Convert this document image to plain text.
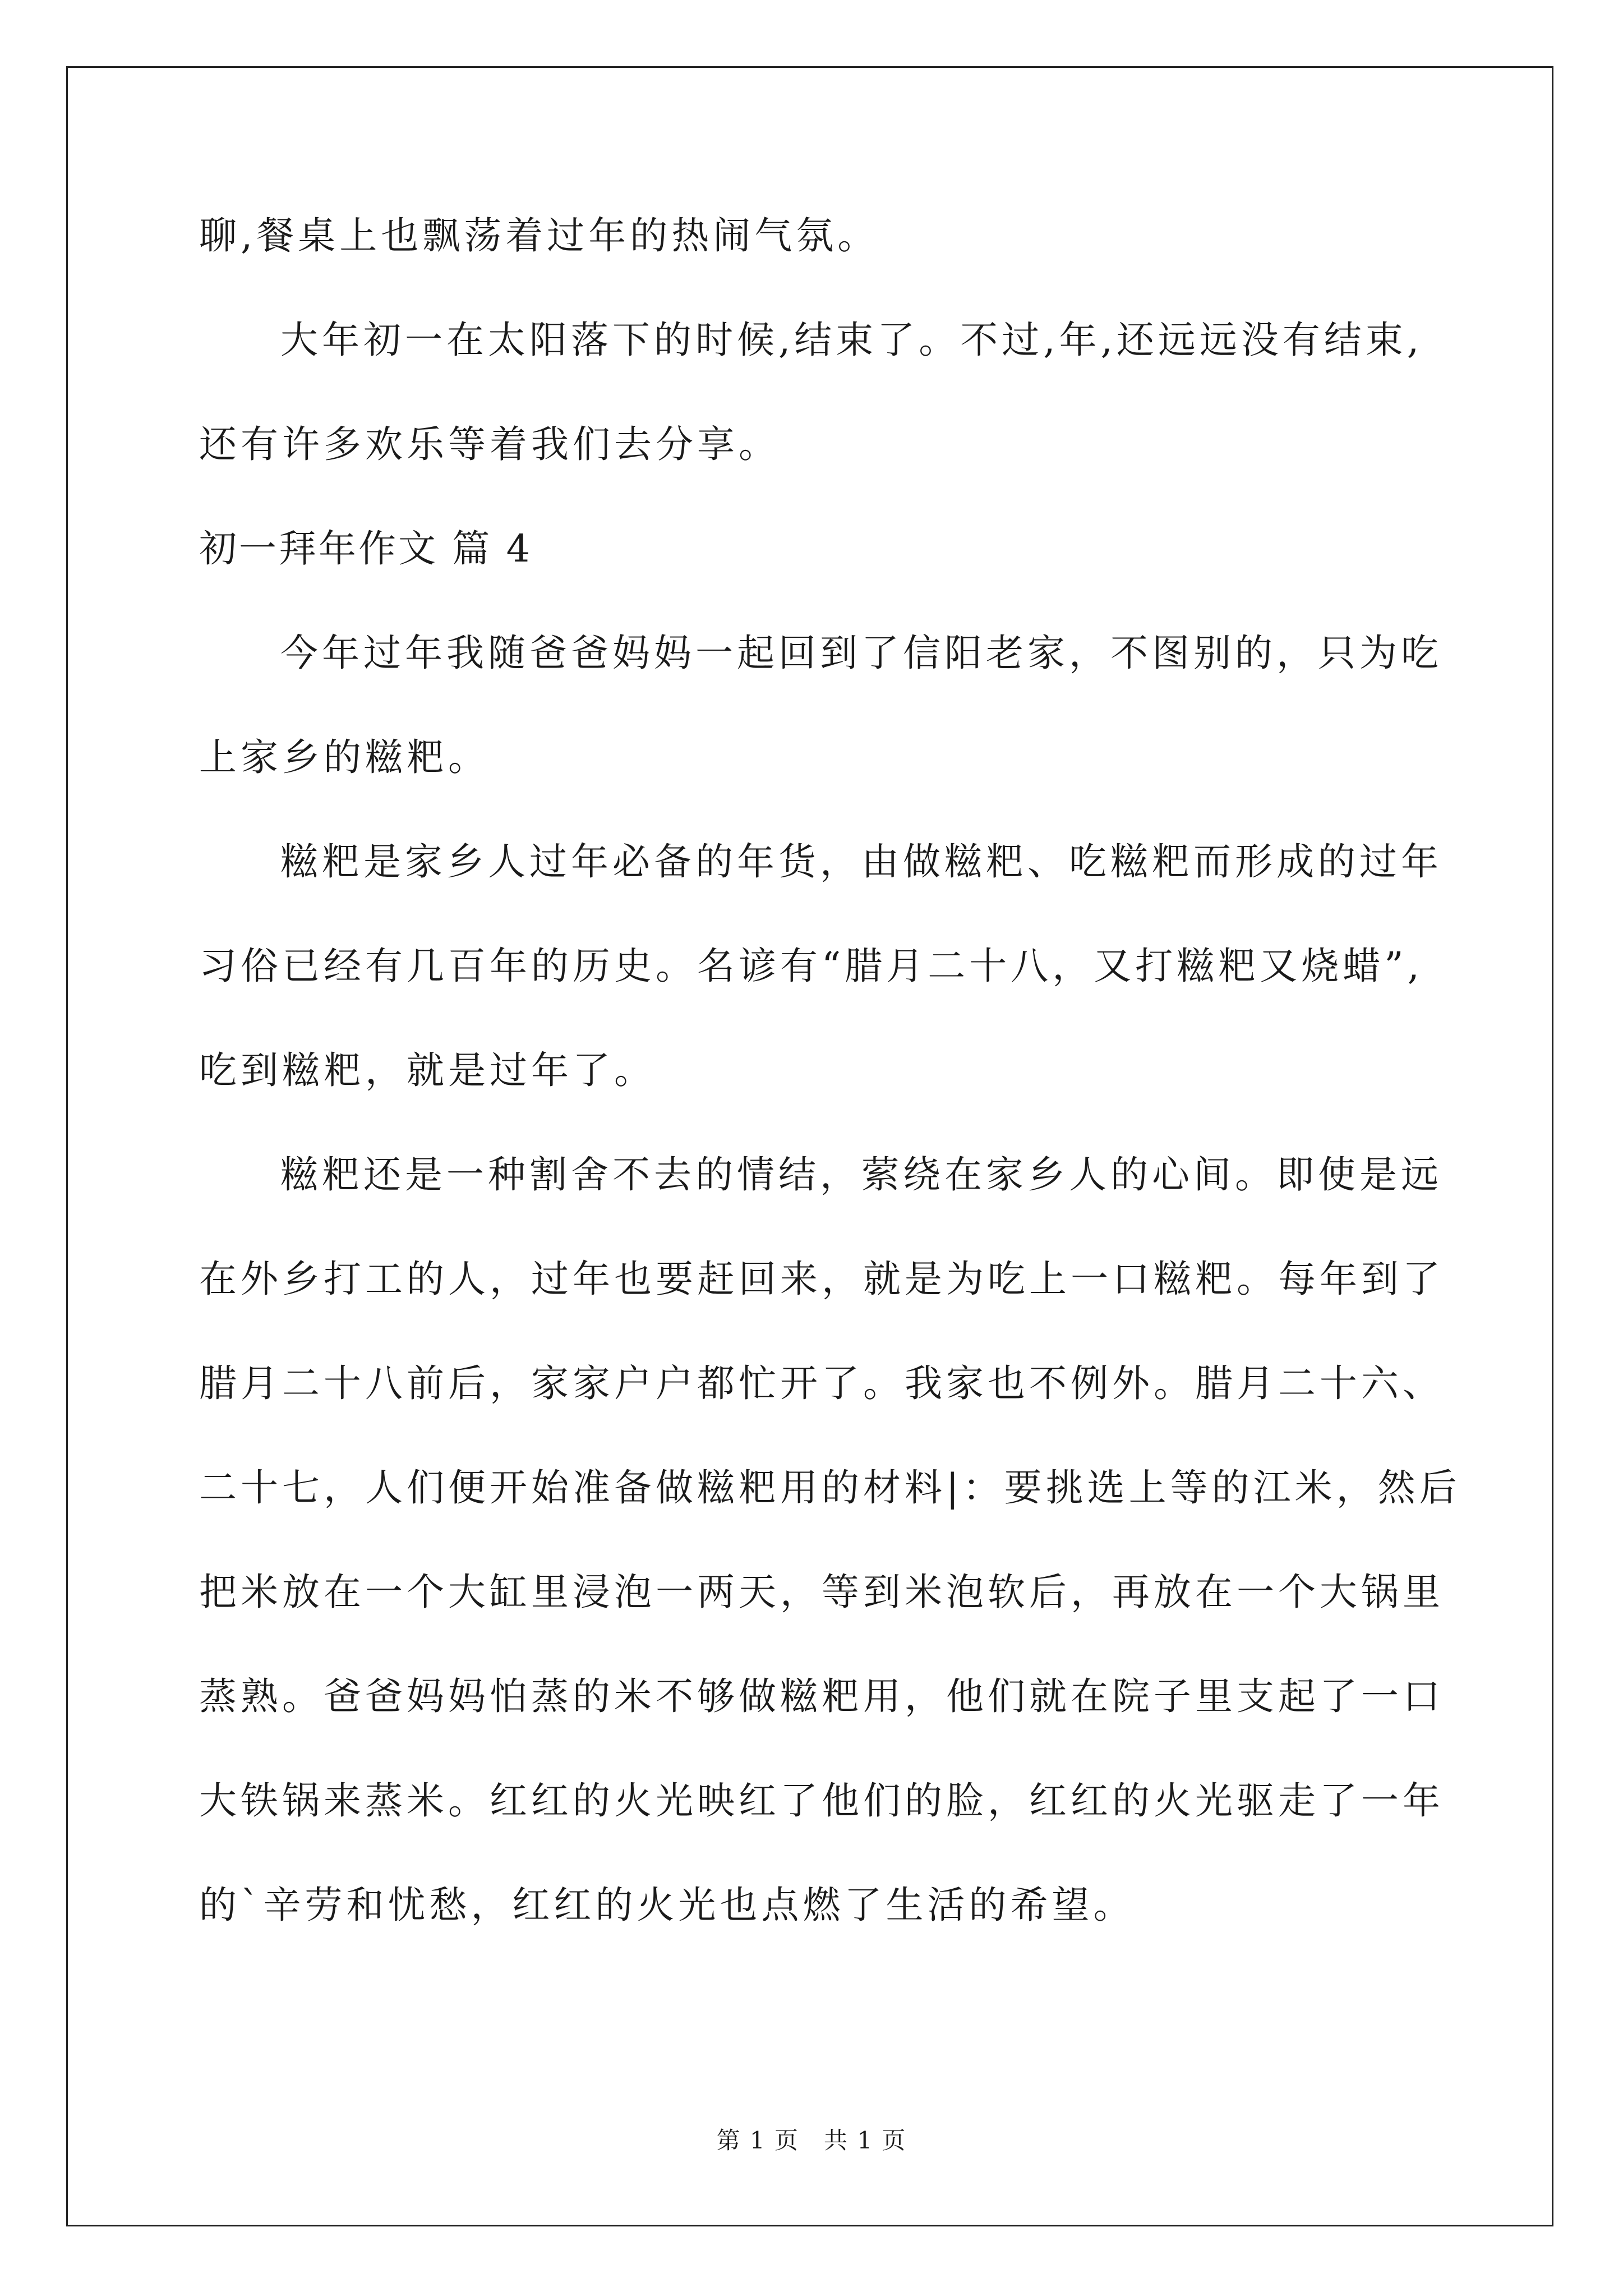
聊,餐桌上也飘荡着过年的热闹气氛。
大年初一在太阳落下的时候,结束了。不过,年,还远远没有结束,
还有许多欢乐等着我们去分享。
初一拜年作文 篇 4
今年过年我随爸爸妈妈一起回到了信阳老家，不图别的，只为吃
上家乡的糍粑。
糍粑是家乡人过年必备的年货，由做糍粑、吃糍粑而形成的过年
习俗已经有几百年的历史。名谚有“腊月二十八，又打糍粑又烧蜡”,
吃到糍粑，就是过年了。
糍粑还是一种割舍不去的情结，萦绕在家乡人的心间。即使是远
在外乡打工的人，过年也要赶回来，就是为吃上一口糍粑。每年到了
腊月二十八前后，家家户户都忙开了。我家也不例外。腊月二十六、
二十七，人们便开始准备做糍粑用的材料|：要挑选上等的江米，然后
把米放在一个大缸里浸泡一两天，等到米泡软后，再放在一个大锅里
蒸熟。爸爸妈妈怕蒸的米不够做糍粑用，他们就在院子里支起了一口
大铁锅来蒸米。红红的火光映红了他们的脸，红红的火光驱走了一年
的`辛劳和忧愁，红红的火光也点燃了生活的希望。
第 1 页　共 1 页
